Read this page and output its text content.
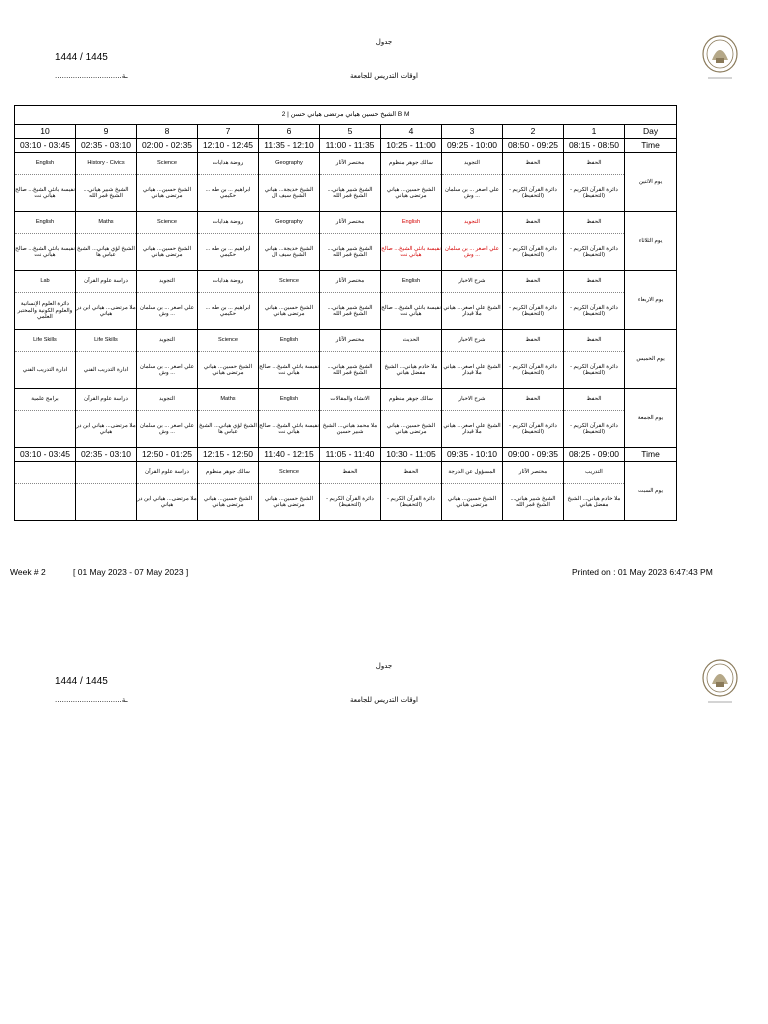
جدول
1444 / 1445
اوقات التدريس للجامعة
..............................ـة
الشيخ حسين هياني مرتضى هياني حسن | 2 B M										
10	9	8	7	6	5	4	3	2	1	Day
03:10 - 03:45	02:35 - 03:10	02:00 - 02:35	12:10 - 12:45	11:35 - 12:10	11:00 - 11:35	10:25 - 11:00	09:25 - 10:00	08:50 - 09:25	08:15 - 08:50	Time
English	History - Civics	Science	روضة هدايات	Geography	مختصر الآثار	سالك جوهر منظوم	التجويد	الحفظ	الحفظ	يوم الاثنين
نفيسة بانئي الشيخ... صالح هياني نت	الشيخ شبير هياني... الشيخ قمر الله	الشيخ حسين... هياني مرتضى هياني	ابراهيم ... بن طه ... حكيمي	الشيخ خديجة... هياني الشيخ سيف ال	الشيخ شبير هياني... الشيخ قمر الله	الشيخ حسين... هياني مرتضى هياني	علي اصغر ... بن سلمان ... وش	دائرة القرآن الكريم - (التحفيظ)	دائرة القرآن الكريم - (التحفيظ)	
English	Maths	Science	روضة هدايات	Geography	مختصر الآثار	English	التجويد	الحفظ	الحفظ	يوم الثلاثاء
نفيسة بانئي الشيخ... صالح هياني نت	الشيخ لؤي هياني... الشيخ عباس ها	الشيخ حسين... هياني مرتضى هياني	ابراهيم ... بن طه ... حكيمي	الشيخ خديجة... هياني الشيخ سيف ال	الشيخ شبير هياني... الشيخ قمر الله	نفيسة بانئي الشيخ... صالح هياني نت	علي اصغر ... بن سلمان ... وش	دائرة القرآن الكريم - (التحفيظ)	دائرة القرآن الكريم - (التحفيظ)	
Lab	دراسة علوم القرآن	التجويد	روضة هدايات	Science	مختصر الآثار	English	شرح الاخبار	الحفظ	الحفظ	يوم الاربعاء
دائرة العلوم الإنسانية والعلوم الكونية والمختبر العلمي	ملا مرتضى... هياني ابن در هياني	علي اصغر ... بن سلمان ... وش	ابراهيم ... بن طه ... حكيمي	الشيخ حسين... هياني مرتضى هياني	الشيخ شبير هياني... الشيخ قمر الله	نفيسة بانئي الشيخ... صالح هياني نت	الشيخ علي اصغر... هياني ملا قيدار	دائرة القرآن الكريم - (التحفيظ)	دائرة القرآن الكريم - (التحفيظ)	
Life Skills	Life Skills	التجويد	Science	English	مختصر الآثار	الحديث	شرح الاخبار	الحفظ	الحفظ	يوم الخميس
ادارة التدريب الفني	ادارة التدريب الفني	علي اصغر ... بن سلمان ... وش	الشيخ حسين... هياني مرتضى هياني	نفيسة بانئي الشيخ... صالح هياني نت	الشيخ شبير هياني... الشيخ قمر الله	ملا خادم هياني... الشيخ مفضل هياني	الشيخ علي اصغر... هياني ملا قيدار	دائرة القرآن الكريم - (التحفيظ)	دائرة القرآن الكريم - (التحفيظ)	
برامج علمية	دراسة علوم القرآن	التجويد	Maths	English	الانشاء والمقالات	سالك جوهر منظوم	شرح الاخبار	الحفظ	الحفظ	يوم الجمعة
	ملا مرتضى... هياني ابن در هياني	علي اصغر ... بن سلمان ... وش	الشيخ لؤي هياني... الشيخ عباس ها	نفيسة بانئي الشيخ... صالح هياني نت	ملا محمد هياني... الشيخ شبير حسين	الشيخ حسين... هياني مرتضى هياني	الشيخ علي اصغر... هياني ملا قيدار	دائرة القرآن الكريم - (التحفيظ)	دائرة القرآن الكريم - (التحفيظ)	
03:10 - 03:45	02:35 - 03:10	12:50 - 01:25	12:15 - 12:50	11:40 - 12:15	11:05 - 11:40	10:30 - 11:05	09:35 - 10:10	09:00 - 09:35	08:25 - 09:00	Time
		دراسة علوم القرآن	سالك جوهر منظوم	Science	الحفظ	الحفظ	المسؤول عن الدرجة	مختصر الآثار	التدريب	يوم السبت
		ملا مرتضى... هياني ابن در هياني	الشيخ حسين... هياني مرتضى هياني	الشيخ حسين... هياني مرتضى هياني	دائرة القرآن الكريم - (التحفيظ)	دائرة القرآن الكريم - (التحفيظ)	الشيخ حسين... هياني مرتضى هياني	الشيخ شبير هياني... الشيخ قمر الله	ملا خادم هياني... الشيخ مفضل هياني	
Week # 2	[ 01 May 2023 - 07 May 2023 ]	Printed on : 01 May 2023 6:47:43 PM
جدول
1444 / 1445
اوقات التدريس للجامعة
..............................ـة
